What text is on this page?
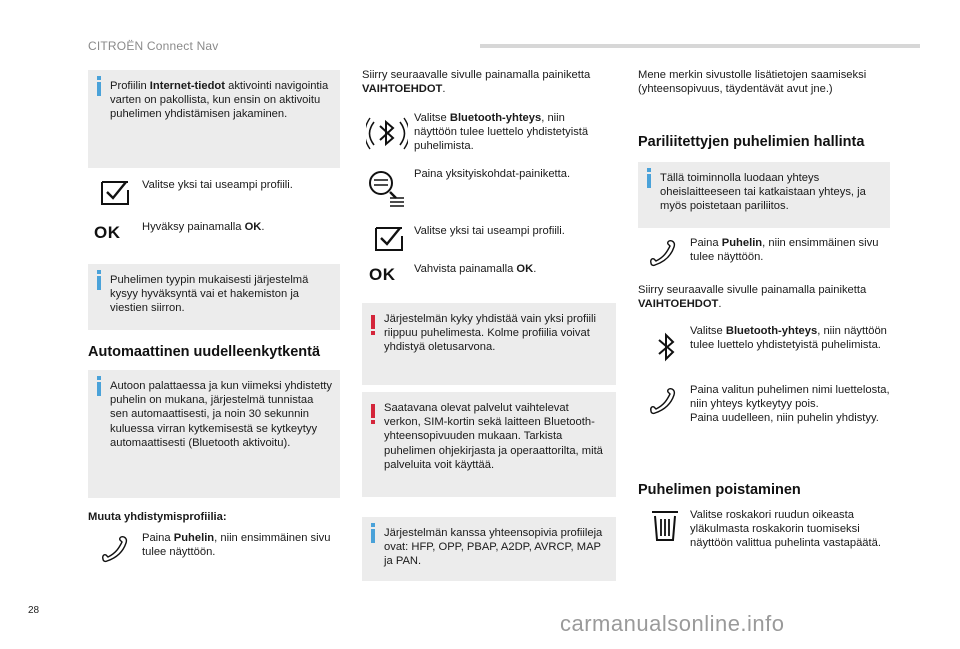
CITROËN Connect Nav
Profiilin Internet-tiedot aktivointi navigointia varten on pakollista, kun ensin on aktivoitu puhelimen yhdistämisen jakaminen.
Valitse yksi tai useampi profiili.
OK Hyväksy painamalla OK.
Puhelimen tyypin mukaisesti järjestelmä kysyy hyväksyntä vai et hakemiston ja viestien siirron.
Automaattinen uudelleenkytkentä
Autoon palattaessa ja kun viimeksi yhdistetty puhelin on mukana, järjestelmä tunnistaa sen automaattisesti, ja noin 30 sekunnin kuluessa virran kytkemisestä se kytkeytyy automaattisesti (Bluetooth aktivoitu).
Muuta yhdistymisprofiilia:
Paina Puhelin, niin ensimmäinen sivu tulee näyttöön.
Siirry seuraavalle sivulle painamalla painiketta VAIHTOEHDOT.
Valitse Bluetooth-yhteys, niin näyttöön tulee luettelo yhdistetyistä puhelimista.
Paina yksityiskohdat-painiketta.
Valitse yksi tai useampi profiili.
OK Vahvista painamalla OK.
Järjestelmän kyky yhdistää vain yksi profiili riippuu puhelimesta. Kolme profiilia voivat yhdistyä oletusarvona.
Saatavana olevat palvelut vaihtelevat verkon, SIM-kortin sekä laitteen Bluetooth-yhteensopivuuden mukaan. Tarkista puhelimen ohjekirjasta ja operaattorilta, mitä palveluita voit käyttää.
Järjestelmän kanssa yhteensopivia profiileja ovat: HFP, OPP, PBAP, A2DP, AVRCP, MAP ja PAN.
Mene merkin sivustolle lisätietojen saamiseksi (yhteensopivuus, täydentävät avut jne.)
Pariliitettyjen puhelimien hallinta
Tällä toiminnolla luodaan yhteys oheislaitteeseen tai katkaistaan yhteys, ja myös poistetaan pariliitos.
Paina Puhelin, niin ensimmäinen sivu tulee näyttöön.
Siirry seuraavalle sivulle painamalla painiketta VAIHTOEHDOT.
Valitse Bluetooth-yhteys, niin näyttöön tulee luettelo yhdistetyistä puhelimista.
Paina valitun puhelimen nimi luettelosta, niin yhteys kytkeytyy pois.
Paina uudelleen, niin puhelin yhdistyy.
Puhelimen poistaminen
Valitse roskakori ruudun oikeasta yläkulmasta roskakorin tuomiseksi näyttöön valittua puhelinta vastapäätä.
28
carmanualsonline.info
